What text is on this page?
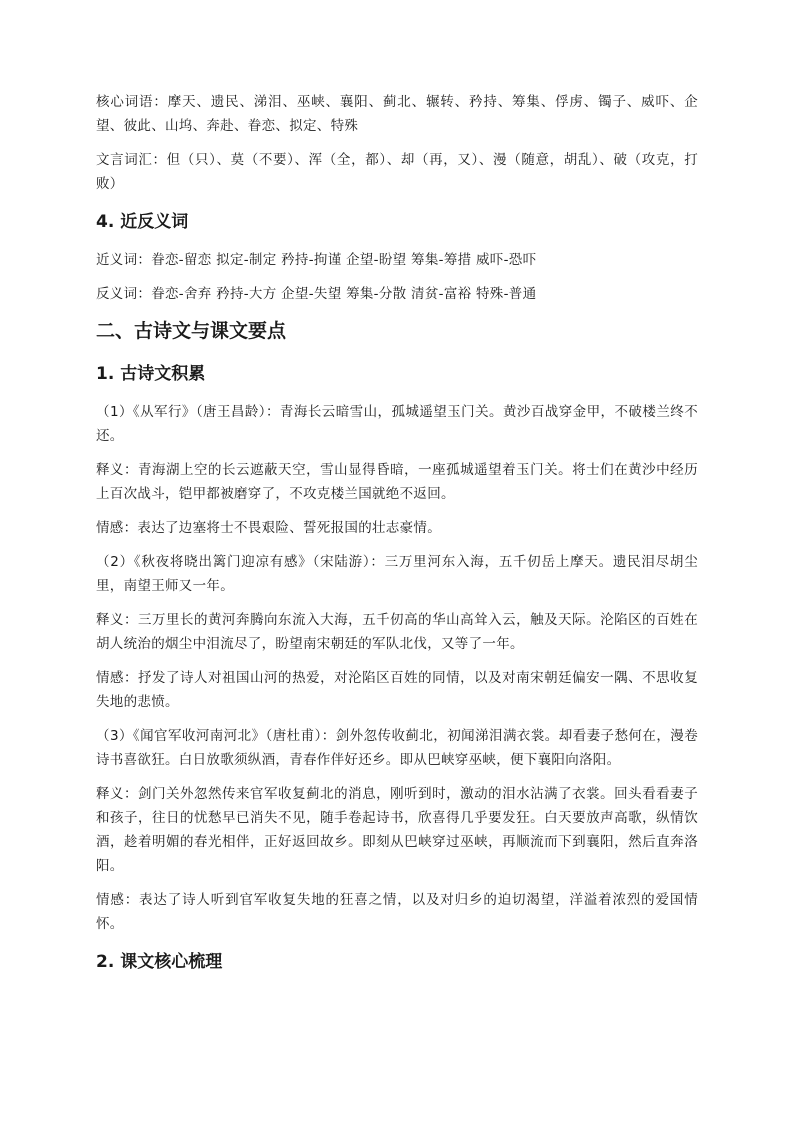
核心词语：摩天、遗民、涕泪、巫峡、襄阳、蓟北、辗转、矜持、筹集、俘虏、镯子、威吓、企望、彼此、山坞、奔赴、眷恋、拟定、特殊

文言词汇：但（只）、莫（不要）、浑（全，都）、却（再，又）、漫（随意，胡乱）、破（攻克，打败）

4. 近反义词

近义词：眷恋-留恋 拟定-制定 矜持-拘谨 企望-盼望 筹集-筹措 威吓-恐吓

反义词：眷恋-舍弃 矜持-大方 企望-失望 筹集-分散 清贫-富裕 特殊-普通

二、古诗文与课文要点
1. 古诗文积累

（1）《从军行》（唐王昌龄）：青海长云暗雪山，孤城遥望玉门关。黄沙百战穿金甲，不破楼兰终不还。

释义：青海湖上空的长云遮蔽天空，雪山显得昏暗，一座孤城遥望着玉门关。将士们在黄沙中经历上百次战斗，铠甲都被磨穿了，不攻克楼兰国就绝不返回。

情感：表达了边塞将士不畏艰险、誓死报国的壮志豪情。

（2）《秋夜将晓出篱门迎凉有感》（宋陆游）：三万里河东入海，五千仞岳上摩天。遗民泪尽胡尘里，南望王师又一年。

释义：三万里长的黄河奔腾向东流入大海，五千仞高的华山高耸入云，触及天际。沦陷区的百姓在胡人统治的烟尘中泪流尽了，盼望南宋朝廷的军队北伐，又等了一年。

情感：抒发了诗人对祖国山河的热爱，对沦陷区百姓的同情，以及对南宋朝廷偏安一隅、不思收复失地的悲愤。

（3）《闻官军收河南河北》（唐杜甫）：剑外忽传收蓟北，初闻涕泪满衣裳。却看妻子愁何在，漫卷诗书喜欲狂。白日放歌须纵酒，青春作伴好还乡。即从巴峡穿巫峡，便下襄阳向洛阳。

释义：剑门关外忽然传来官军收复蓟北的消息，刚听到时，激动的泪水沾满了衣裳。回头看看妻子和孩子，往日的忧愁早已消失不见，随手卷起诗书，欣喜得几乎要发狂。白天要放声高歌，纵情饮酒，趁着明媚的春光相伴，正好返回故乡。即刻从巴峡穿过巫峡，再顺流而下到襄阳，然后直奔洛阳。

情感：表达了诗人听到官军收复失地的狂喜之情，以及对归乡的迫切渴望，洋溢着浓烈的爱国情怀。

2. 课文核心梳理
